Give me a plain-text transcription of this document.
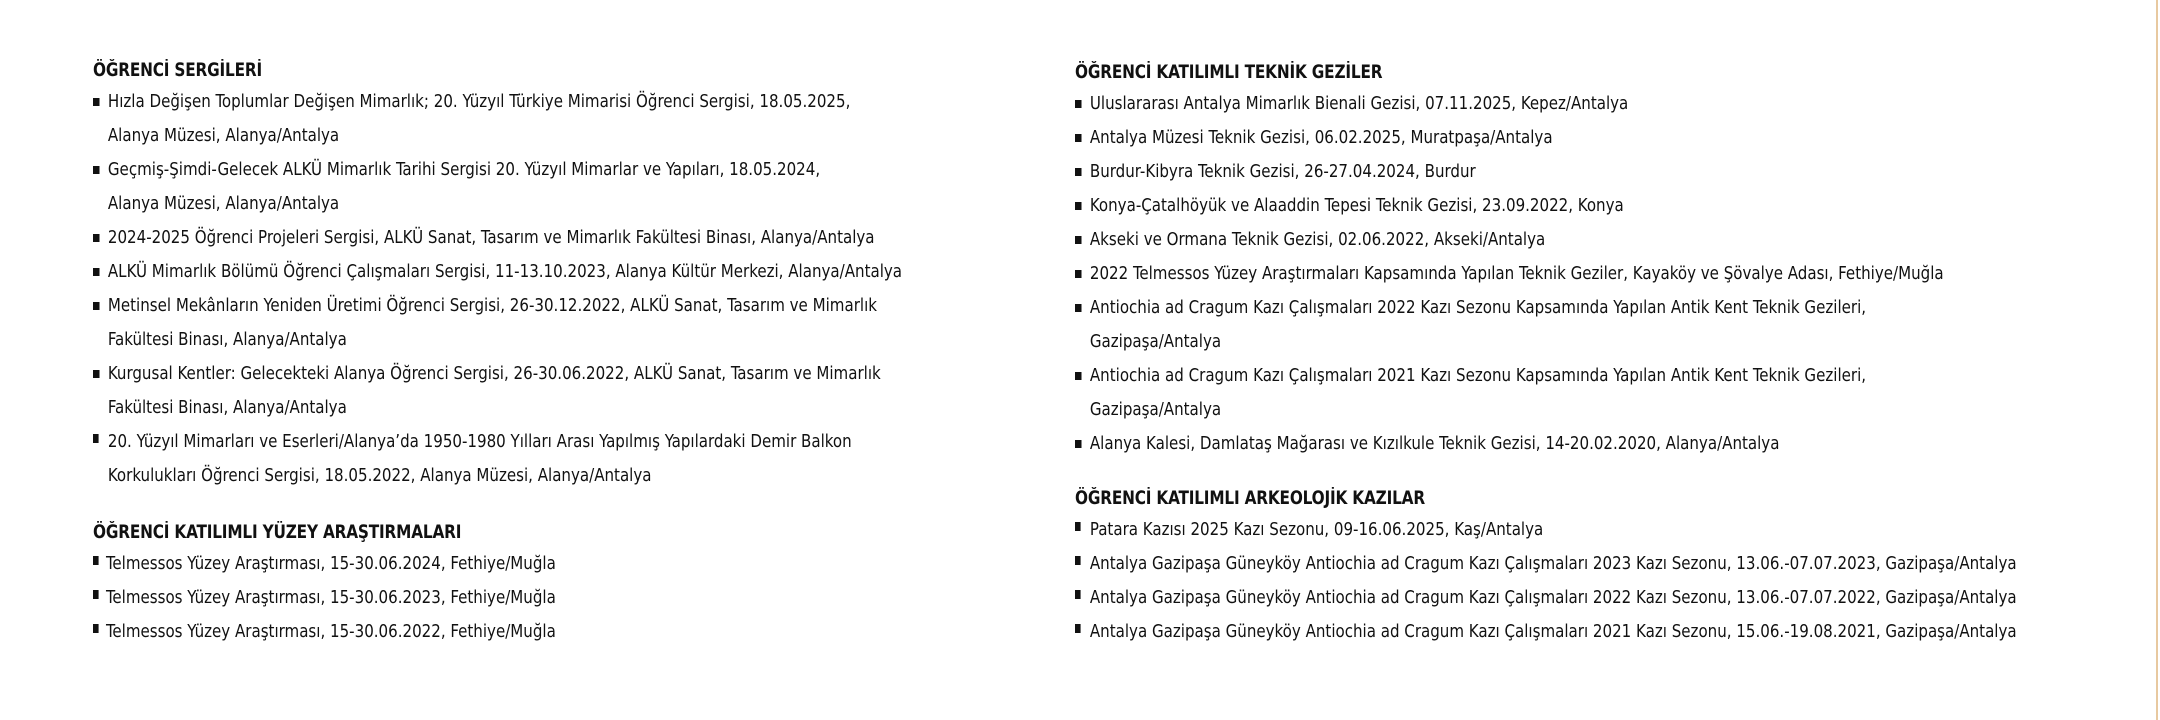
ÖĞRENCİ SERGİLERİ
Hızla Değişen Toplumlar Değişen Mimarlık; 20. Yüzyıl Türkiye Mimarisi Öğrenci Sergisi, 18.05.2025,
Alanya Müzesi, Alanya/Antalya
Geçmiş-Şimdi-Gelecek ALKÜ Mimarlık Tarihi Sergisi 20. Yüzyıl Mimarlar ve Yapıları, 18.05.2024,
Alanya Müzesi, Alanya/Antalya
2024-2025 Öğrenci Projeleri Sergisi, ALKÜ Sanat, Tasarım ve Mimarlık Fakültesi Binası, Alanya/Antalya
ALKÜ Mimarlık Bölümü Öğrenci Çalışmaları Sergisi, 11-13.10.2023, Alanya Kültür Merkezi, Alanya/Antalya
Metinsel Mekânların Yeniden Üretimi Öğrenci Sergisi, 26-30.12.2022, ALKÜ Sanat, Tasarım ve Mimarlık
Fakültesi Binası, Alanya/Antalya
Kurgusal Kentler: Gelecekteki Alanya Öğrenci Sergisi, 26-30.06.2022, ALKÜ Sanat, Tasarım ve Mimarlık
Fakültesi Binası, Alanya/Antalya
20. Yüzyıl Mimarları ve Eserleri/Alanya’da 1950-1980 Yılları Arası Yapılmış Yapılardaki Demir Balkon
Korkulukları Öğrenci Sergisi, 18.05.2022, Alanya Müzesi, Alanya/Antalya
ÖĞRENCİ KATILIMLI YÜZEY ARAŞTIRMALARI
Telmessos Yüzey Araştırması, 15-30.06.2024, Fethiye/Muğla
Telmessos Yüzey Araştırması, 15-30.06.2023, Fethiye/Muğla
Telmessos Yüzey Araştırması, 15-30.06.2022, Fethiye/Muğla
ÖĞRENCİ KATILIMLI TEKNİK GEZİLER
Uluslararası Antalya Mimarlık Bienali Gezisi, 07.11.2025, Kepez/Antalya
Antalya Müzesi Teknik Gezisi, 06.02.2025, Muratpaşa/Antalya
Burdur-Kibyra Teknik Gezisi, 26-27.04.2024, Burdur
Konya-Çatalhöyük ve Alaaddin Tepesi Teknik Gezisi, 23.09.2022, Konya
Akseki ve Ormana Teknik Gezisi, 02.06.2022, Akseki/Antalya
2022 Telmessos Yüzey Araştırmaları Kapsamında Yapılan Teknik Geziler, Kayaköy ve Şövalye Adası, Fethiye/Muğla
Antiochia ad Cragum Kazı Çalışmaları 2022 Kazı Sezonu Kapsamında Yapılan Antik Kent Teknik Gezileri,
Gazipaşa/Antalya
Antiochia ad Cragum Kazı Çalışmaları 2021 Kazı Sezonu Kapsamında Yapılan Antik Kent Teknik Gezileri,
Gazipaşa/Antalya
Alanya Kalesi, Damlataş Mağarası ve Kızılkule Teknik Gezisi, 14-20.02.2020, Alanya/Antalya
ÖĞRENCİ KATILIMLI ARKEOLOJİK KAZILAR
Patara Kazısı 2025 Kazı Sezonu, 09-16.06.2025, Kaş/Antalya
Antalya Gazipaşa Güneyköy Antiochia ad Cragum Kazı Çalışmaları 2023 Kazı Sezonu, 13.06.-07.07.2023, Gazipaşa/Antalya
Antalya Gazipaşa Güneyköy Antiochia ad Cragum Kazı Çalışmaları 2022 Kazı Sezonu, 13.06.-07.07.2022, Gazipaşa/Antalya
Antalya Gazipaşa Güneyköy Antiochia ad Cragum Kazı Çalışmaları 2021 Kazı Sezonu, 15.06.-19.08.2021, Gazipaşa/Antalya
